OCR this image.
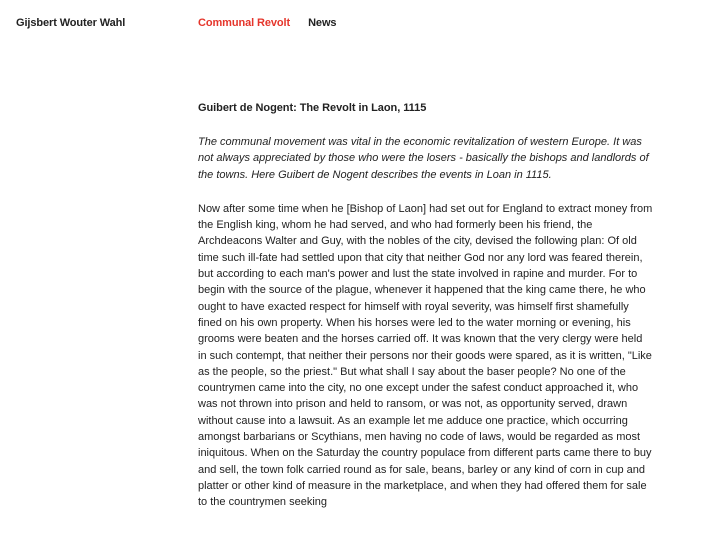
Gijsbert Wouter Wahl	Communal Revolt News
Guibert de Nogent: The Revolt in Laon, 1115

The communal movement was vital in the economic revitalization of western Europe. It was not always appreciated by those who were the losers - basically the bishops and landlords of the towns. Here Guibert de Nogent describes the events in Loan in 1115.

Now after some time when he [Bishop of Laon] had set out for England to extract money from the English king, whom he had served, and who had formerly been his friend, the Archdeacons Walter and Guy, with the nobles of the city, devised the following plan: Of old time such ill-fate had settled upon that city that neither God nor any lord was feared therein, but according to each man's power and lust the state involved in rapine and murder. For to begin with the source of the plague, whenever it happened that the king came there, he who ought to have exacted respect for himself with royal severity, was himself first shamefully fined on his own property. When his horses were led to the water morning or evening, his grooms were beaten and the horses carried off. It was known that the very clergy were held in such contempt, that neither their persons nor their goods were spared, as it is written, "Like as the people, so the priest." But what shall I say about the baser people? No one of the countrymen came into the city, no one except under the safest conduct approached it, who was not thrown into prison and held to ransom, or was not, as opportunity served, drawn without cause into a lawsuit. As an example let me adduce one practice, which occurring amongst barbarians or Scythians, men having no code of laws, would be regarded as most iniquitous. When on the Saturday the country populace from different parts came there to buy and sell, the town folk carried round as for sale, beans, barley or any kind of corn in cup and platter or other kind of measure in the marketplace, and when they had offered them for sale to the countrymen seeking
